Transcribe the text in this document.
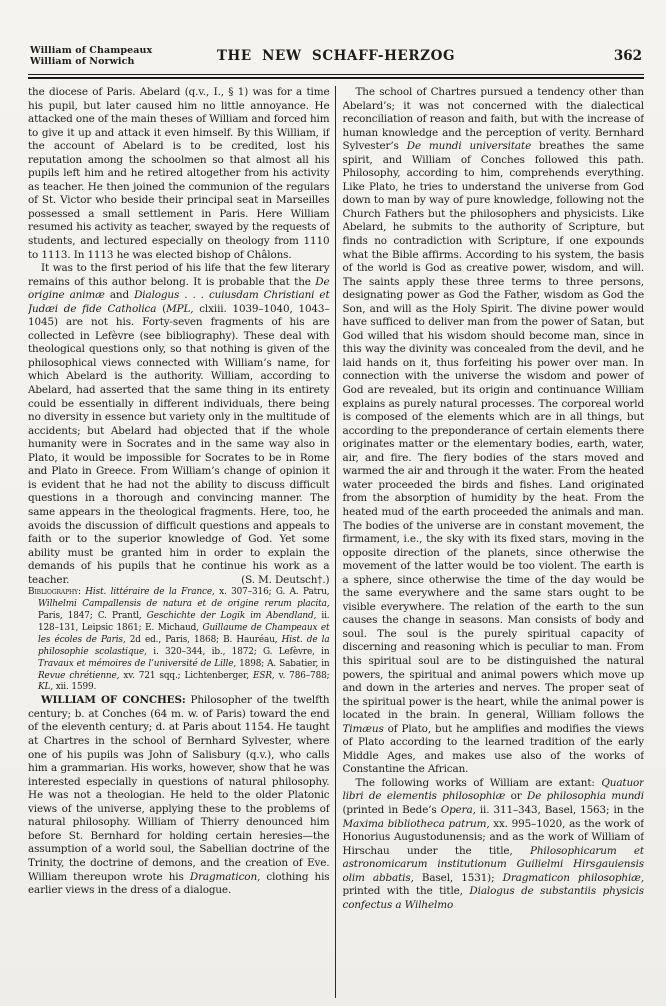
William of Champeaux
William of Norwich	THE NEW SCHAFF-HERZOG	362

the diocese of Paris. Abelard (q.v., I., § 1) was for a time his pupil, but later caused him no little annoyance. He attacked one of the main theses of William and forced him to give it up and attack it even himself. By this William, if the account of Abelard is to be credited, lost his reputation among the schoolmen so that almost all his pupils left him and he retired altogether from his activity as teacher. He then joined the communion of the regulars of St. Victor who beside their principal seat in Marseilles possessed a small settlement in Paris. Here William resumed his activity as teacher, swayed by the requests of students, and lectured especially on theology from 1110 to 1113. In 1113 he was elected bishop of Châlons.

It was to the first period of his life that the few literary remains of this author belong. It is probable that the De origine animæ and Dialogus . . . cuiusdam Christiani et Judæi de fide Catholica (MPL, clxiii. 1039–1040, 1043–1045) are not his. Forty-seven fragments of his are collected in Lefèvre (see bibliography). These deal with theological questions only, so that nothing is given of the philosophical views connected with William’s name, for which Abelard is the authority. William, according to Abelard, had asserted that the same thing in its entirety could be essentially in different individuals, there being no diversity in essence but variety only in the multitude of accidents; but Abelard had objected that if the whole humanity were in Socrates and in the same way also in Plato, it would be impossible for Socrates to be in Rome and Plato in Greece. From William’s change of opinion it is evident that he had not the ability to discuss difficult questions in a thorough and convincing manner. The same appears in the theological fragments. Here, too, he avoids the discussion of difficult questions and appeals to faith or to the superior knowledge of God. Yet some ability must be granted him in order to explain the demands of his pupils that he continue his work as a teacher.	(S. M. Deutsch†.)

Bibliography: Hist. littéraire de la France, x. 307–316; G. A. Patru, Wilhelmi Campallensis de natura et de origine rerum placita, Paris, 1847; C. Prantl, Geschichte der Logik im Abendland, ii. 128–131, Leipsic 1861; E. Michaud, Guillaume de Champeaux et les écoles de Paris, 2d ed., Paris, 1868; B. Hauréau, Hist. de la philosophie scolastique, i. 320–344, ib., 1872; G. Lefèvre, in Travaux et mémoires de l’université de Lille, 1898; A. Sabatier, in Revue chrétienne, xv. 721 sqq.; Lichtenberger, ESR, v. 786–788; KL, xii. 1599.

WILLIAM OF CONCHES: Philosopher of the twelfth century; b. at Conches (64 m. w. of Paris) toward the end of the eleventh century; d. at Paris about 1154. He taught at Chartres in the school of Bernhard Sylvester, where one of his pupils was John of Salisbury (q.v.), who calls him a grammarian. His works, however, show that he was interested especially in questions of natural philosophy. He was not a theologian. He held to the older Platonic views of the universe, applying these to the problems of natural philosophy. William of Thierry denounced him before St. Bernhard for holding certain heresies—the assumption of a world soul, the Sabellian doctrine of the Trinity, the doctrine of demons, and the creation of Eve. William thereupon wrote his Dragmaticon, clothing his earlier views in the dress of a dialogue.

The school of Chartres pursued a tendency other than Abelard’s; it was not concerned with the dialectical reconciliation of reason and faith, but with the increase of human knowledge and the perception of verity. Bernhard Sylvester’s De mundi universitate breathes the same spirit, and William of Conches followed this path. Philosophy, according to him, comprehends everything. Like Plato, he tries to understand the universe from God down to man by way of pure knowledge, following not the Church Fathers but the philosophers and physicists. Like Abelard, he submits to the authority of Scripture, but finds no contradiction with Scripture, if one expounds what the Bible affirms. According to his system, the basis of the world is God as creative power, wisdom, and will. The saints apply these three terms to three persons, designating power as God the Father, wisdom as God the Son, and will as the Holy Spirit. The divine power would have sufficed to deliver man from the power of Satan, but God willed that his wisdom should become man, since in this way the divinity was concealed from the devil, and he laid hands on it, thus forfeiting his power over man. In connection with the universe the wisdom and power of God are revealed, but its origin and continuance William explains as purely natural processes. The corporeal world is composed of the elements which are in all things, but according to the preponderance of certain elements there originates matter or the elementary bodies, earth, water, air, and fire. The fiery bodies of the stars moved and warmed the air and through it the water. From the heated water proceeded the birds and fishes. Land originated from the absorption of humidity by the heat. From the heated mud of the earth proceeded the animals and man. The bodies of the universe are in constant movement, the firmament, i.e., the sky with its fixed stars, moving in the opposite direction of the planets, since otherwise the movement of the latter would be too violent. The earth is a sphere, since otherwise the time of the day would be the same everywhere and the same stars ought to be visible everywhere. The relation of the earth to the sun causes the change in seasons. Man consists of body and soul. The soul is the purely spiritual capacity of discerning and reasoning which is peculiar to man. From this spiritual soul are to be distinguished the natural powers, the spiritual and animal powers which move up and down in the arteries and nerves. The proper seat of the spiritual power is the heart, while the animal power is located in the brain. In general, William follows the Timæus of Plato, but he amplifies and modifies the views of Plato according to the learned tradition of the early Middle Ages, and makes use also of the works of Constantine the African.

The following works of William are extant: Quatuor libri de elementis philosophiæ or De philosophia mundi (printed in Bede’s Opera, ii. 311–343, Basel, 1563; in the Maxima bibliotheca patrum, xx. 995–1020, as the work of Honorius Augustodunensis; and as the work of William of Hirschau under the title, Philosophicarum et astronomicarum institutionum Guilielmi Hirsgauiensis olim abbatis, Basel, 1531); Dragmaticon philosophiæ, printed with the title, Dialogus de substantiis physicis confectus a Wilhelmo
